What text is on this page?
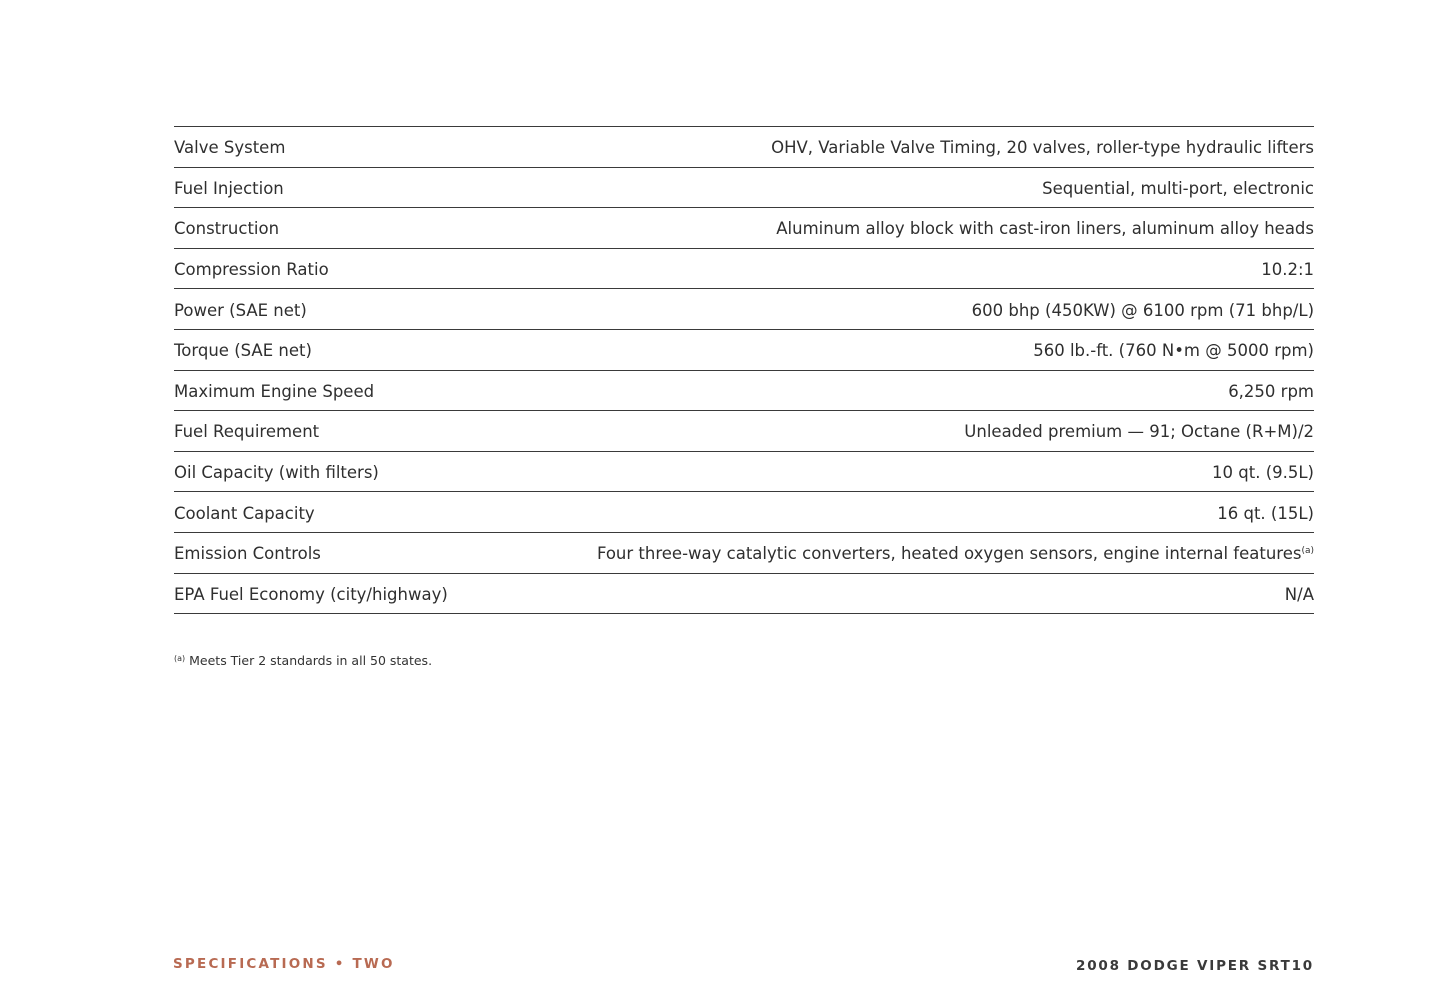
Valve System	OHV, Variable Valve Timing, 20 valves, roller-type hydraulic lifters
Fuel Injection	Sequential, multi-port, electronic
Construction	Aluminum alloy block with cast-iron liners, aluminum alloy heads
Compression Ratio	10.2:1
Power (SAE net)	600 bhp (450KW) @ 6100 rpm (71 bhp/L)
Torque (SAE net)	560 lb.-ft. (760 N•m @ 5000 rpm)
Maximum Engine Speed	6,250 rpm
Fuel Requirement	Unleaded premium — 91; Octane (R+M)/2
Oil Capacity (with filters)	10 qt. (9.5L)
Coolant Capacity	16 qt. (15L)
Emission Controls	Four three-way catalytic converters, heated oxygen sensors, engine internal features$^{(a)}$
EPA Fuel Economy (city/highway)	N/A
$^{(a)}$ Meets Tier 2 standards in all 50 states.
SPECIFICATIONS • TWO	2008 DODGE VIPER SRT10
